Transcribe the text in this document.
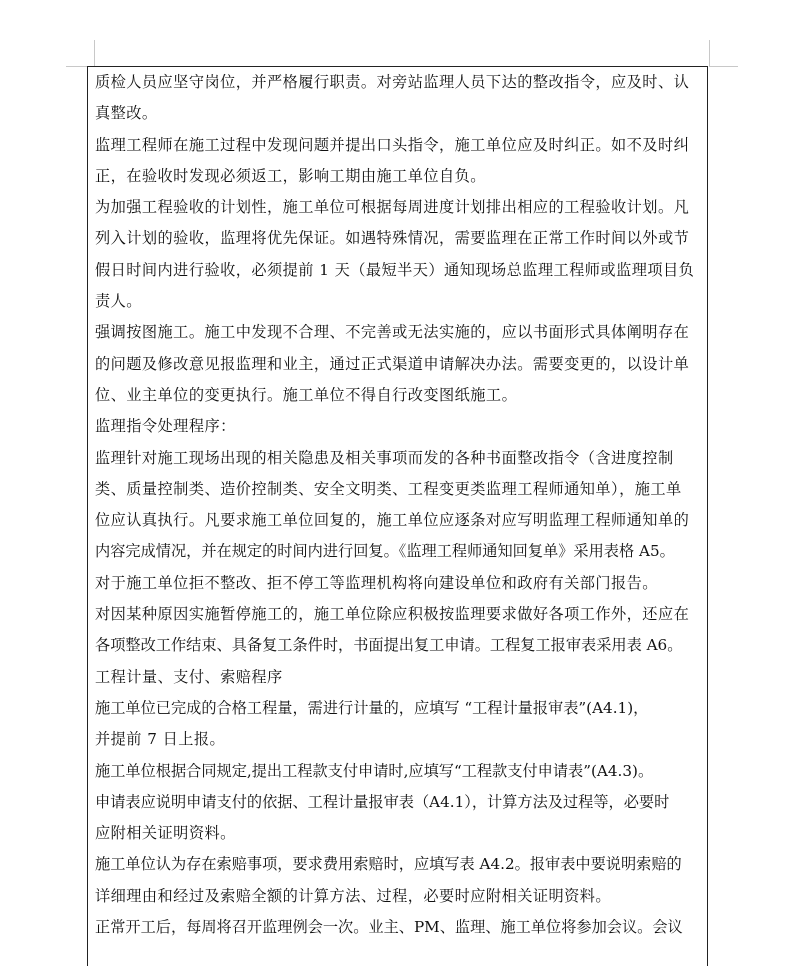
质检人员应坚守岗位，并严格履行职责。对旁站监理人员下达的整改指令，应及时、认
真整改。
监理工程师在施工过程中发现问题并提出口头指令，施工单位应及时纠正。如不及时纠
正，在验收时发现必须返工，影响工期由施工单位自负。
为加强工程验收的计划性，施工单位可根据每周进度计划排出相应的工程验收计划。凡
列入计划的验收，监理将优先保证。如遇特殊情况，需要监理在正常工作时间以外或节
假日时间内进行验收，必须提前 1 天（最短半天）通知现场总监理工程师或监理项目负
责人。
强调按图施工。施工中发现不合理、不完善或无法实施的，应以书面形式具体阐明存在
的问题及修改意见报监理和业主，通过正式渠道申请解决办法。需要变更的，以设计单
位、业主单位的变更执行。施工单位不得自行改变图纸施工。
监理指令处理程序：
监理针对施工现场出现的相关隐患及相关事项而发的各种书面整改指令（含进度控制
类、质量控制类、造价控制类、安全文明类、工程变更类监理工程师通知单），施工单
位应认真执行。凡要求施工单位回复的，施工单位应逐条对应写明监理工程师通知单的
内容完成情况，并在规定的时间内进行回复。《监理工程师通知回复单》采用表格 A5。
对于施工单位拒不整改、拒不停工等监理机构将向建设单位和政府有关部门报告。
对因某种原因实施暂停施工的，施工单位除应积极按监理要求做好各项工作外，还应在
各项整改工作结束、具备复工条件时，书面提出复工申请。工程复工报审表采用表 A6。
工程计量、支付、索赔程序
施工单位已完成的合格工程量，需进行计量的，应填写 “工程计量报审表”(A4.1)，
并提前 7 日上报。
施工单位根据合同规定,提出工程款支付申请时,应填写“工程款支付申请表”(A4.3)。
申请表应说明申请支付的依据、工程计量报审表（A4.1），计算方法及过程等，必要时
应附相关证明资料。
施工单位认为存在索赔事项，要求费用索赔时，应填写表 A4.2。报审表中要说明索赔的
详细理由和经过及索赔全额的计算方法、过程，必要时应附相关证明资料。
正常开工后，每周将召开监理例会一次。业主、PM、监理、施工单位将参加会议。会议
